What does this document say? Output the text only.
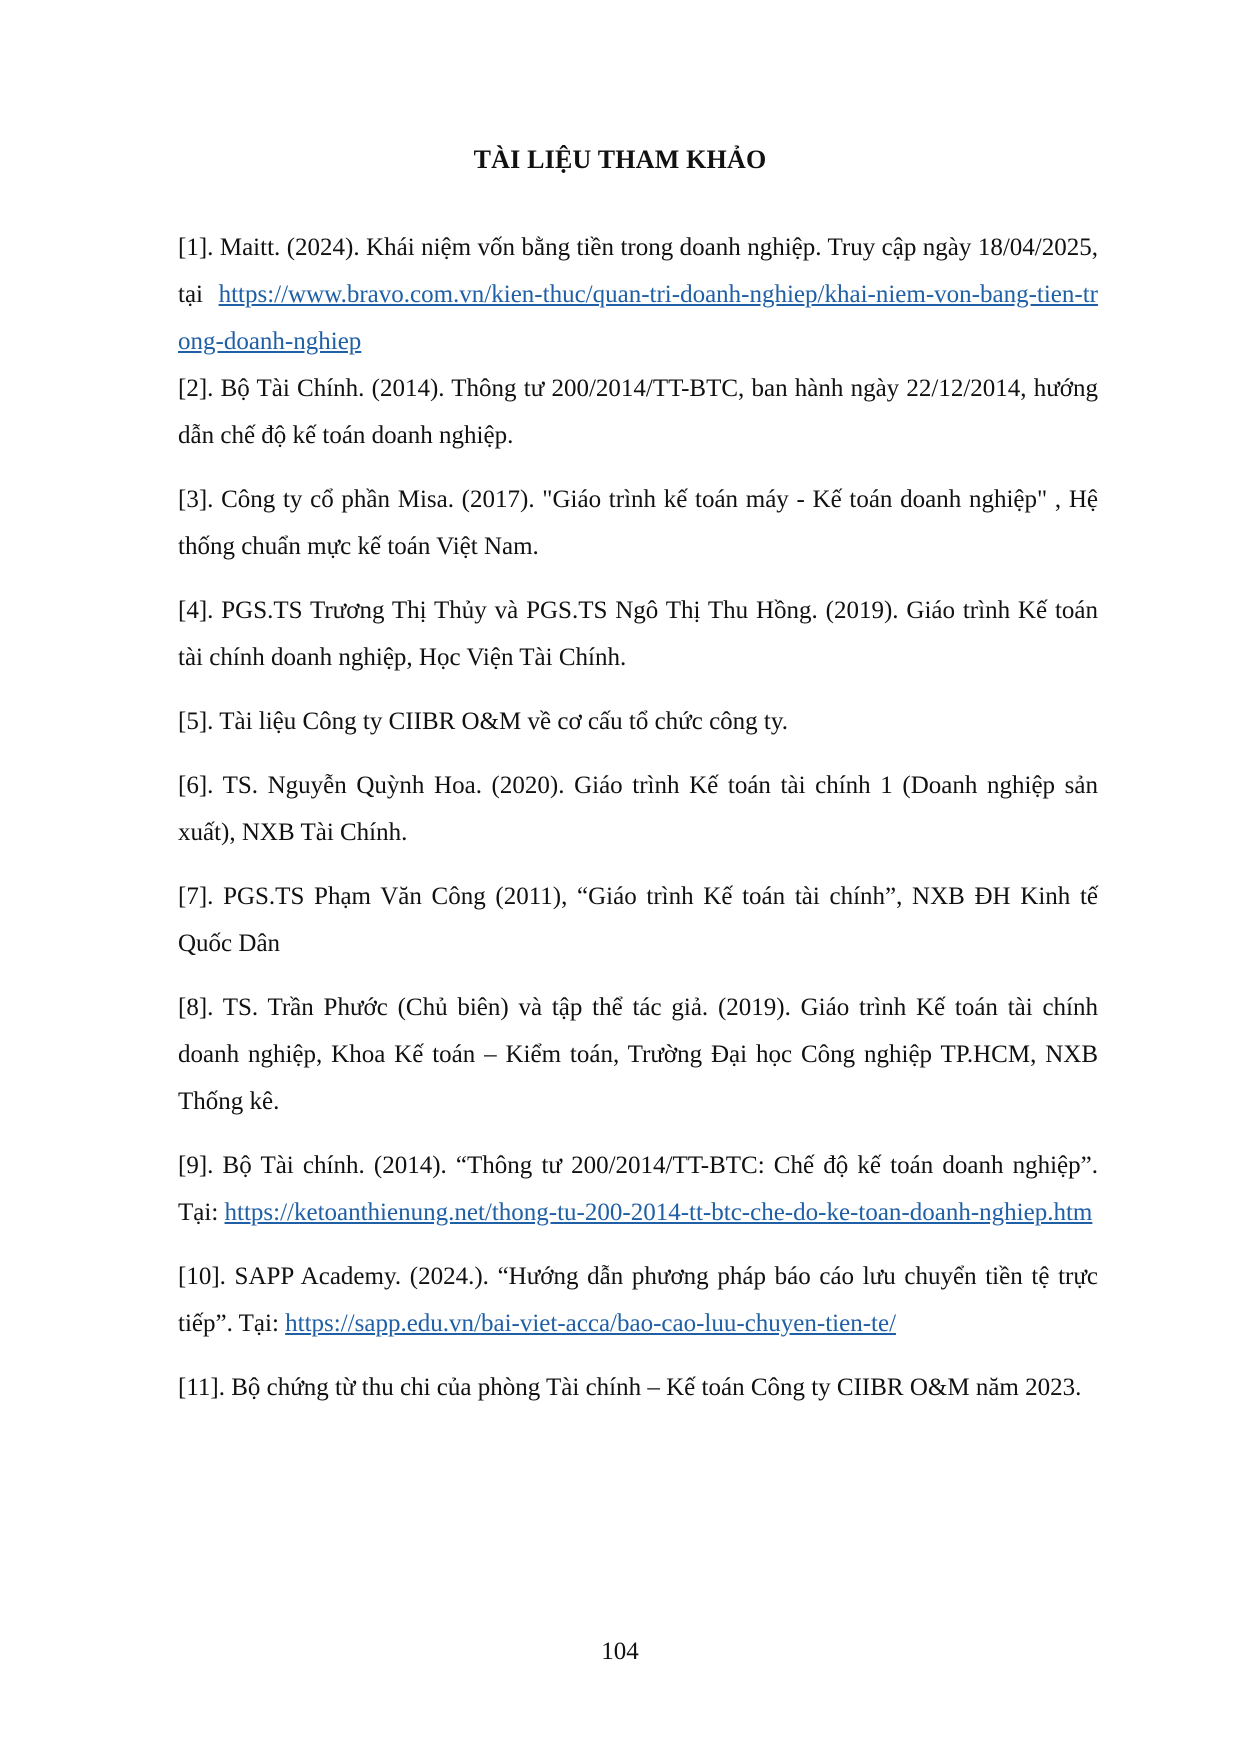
TÀI LIỆU THAM KHẢO

[1]. Maitt. (2024). Khái niệm vốn bằng tiền trong doanh nghiệp. Truy cập ngày 18/04/2025, tại https://www.bravo.com.vn/kien-thuc/quan-tri-doanh-nghiep/khai-niem-von-bang-tien-trong-doanh-nghiep

[2]. Bộ Tài Chính. (2014). Thông tư 200/2014/TT-BTC, ban hành ngày 22/12/2014, hướng dẫn chế độ kế toán doanh nghiệp.

[3]. Công ty cổ phần Misa. (2017). "Giáo trình kế toán máy - Kế toán doanh nghiệp" , Hệ thống chuẩn mực kế toán Việt Nam.

[4]. PGS.TS Trương Thị Thủy và PGS.TS Ngô Thị Thu Hồng. (2019). Giáo trình Kế toán tài chính doanh nghiệp, Học Viện Tài Chính.

[5]. Tài liệu Công ty CIIBR O&M về cơ cấu tổ chức công ty.

[6]. TS. Nguyễn Quỳnh Hoa. (2020). Giáo trình Kế toán tài chính 1 (Doanh nghiệp sản xuất), NXB Tài Chính.

[7]. PGS.TS Phạm Văn Công (2011), “Giáo trình Kế toán tài chính”, NXB ĐH Kinh tế Quốc Dân

[8]. TS. Trần Phước (Chủ biên) và tập thể tác giả. (2019). Giáo trình Kế toán tài chính doanh nghiệp, Khoa Kế toán – Kiểm toán, Trường Đại học Công nghiệp TP.HCM, NXB Thống kê.

[9]. Bộ Tài chính. (2014). “Thông tư 200/2014/TT-BTC: Chế độ kế toán doanh nghiệp”. Tại: https://ketoanthienung.net/thong-tu-200-2014-tt-btc-che-do-ke-toan-doanh-nghiep.htm

[10]. SAPP Academy. (2024.). “Hướng dẫn phương pháp báo cáo lưu chuyển tiền tệ trực tiếp”. Tại: https://sapp.edu.vn/bai-viet-acca/bao-cao-luu-chuyen-tien-te/

[11]. Bộ chứng từ thu chi của phòng Tài chính – Kế toán Công ty CIIBR O&M năm 2023.

104
